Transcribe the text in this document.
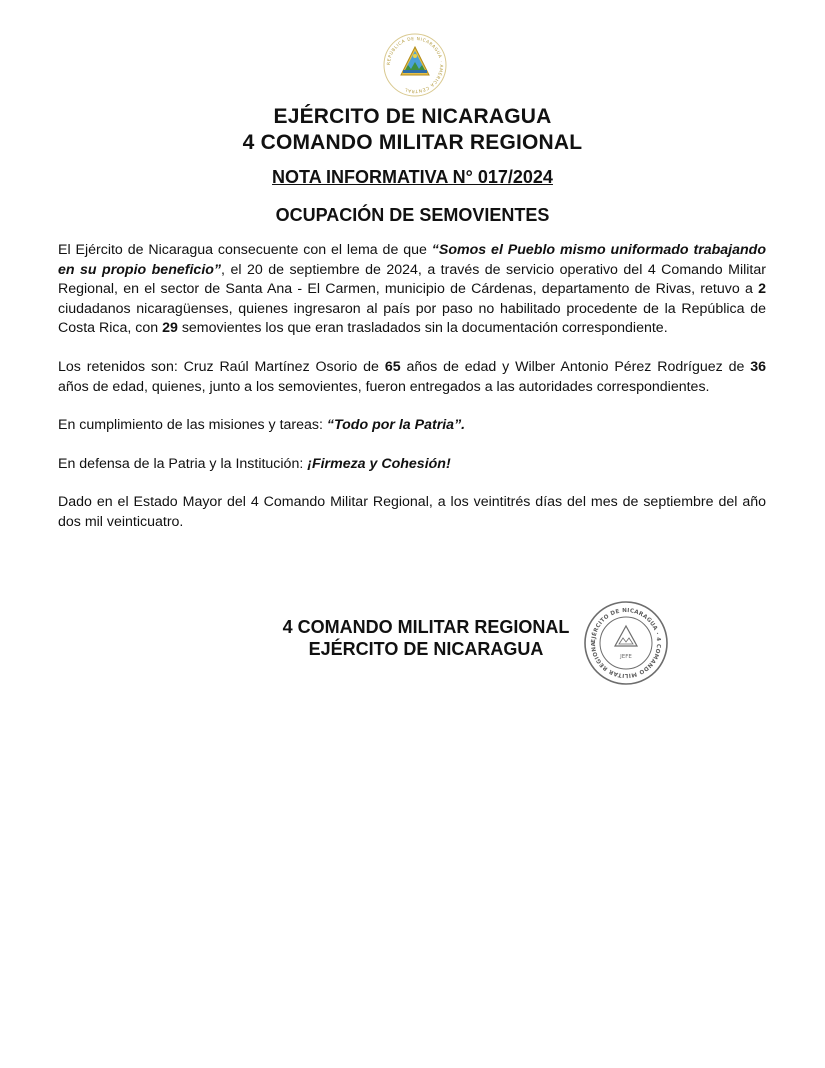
REPÚBLICA DE NICARAGUA · AMÉRICA CENTRAL
EJÉRCITO DE NICARAGUA
4 COMANDO MILITAR REGIONAL
NOTA INFORMATIVA N° 017/2024
OCUPACIÓN DE SEMOVIENTES

El Ejército de Nicaragua consecuente con el lema de que “Somos el Pueblo mismo uniformado trabajando en su propio beneficio”, el 20 de septiembre de 2024, a través de servicio operativo del 4 Comando Militar Regional, en el sector de Santa Ana - El Carmen, municipio de Cárdenas, departamento de Rivas, retuvo a 2 ciudadanos nicaragüenses, quienes ingresaron al país por paso no habilitado procedente de la República de Costa Rica, con 29 semovientes los que eran trasladados sin la documentación correspondiente.

Los retenidos son: Cruz Raúl Martínez Osorio de 65 años de edad y Wilber Antonio Pérez Rodríguez de 36 años de edad, quienes, junto a los semovientes, fueron entregados a las autoridades correspondientes.

En cumplimiento de las misiones y tareas: “Todo por la Patria”.

En defensa de la Patria y la Institución: ¡Firmeza y Cohesión!

Dado en el Estado Mayor del 4 Comando Militar Regional, a los veintitrés días del mes de septiembre del año dos mil veinticuatro.

4 COMANDO MILITAR REGIONAL
EJÉRCITO DE NICARAGUA	EJÉRCITO DE NICARAGUA · 4 COMANDO MILITAR REGIONA
JEFE
